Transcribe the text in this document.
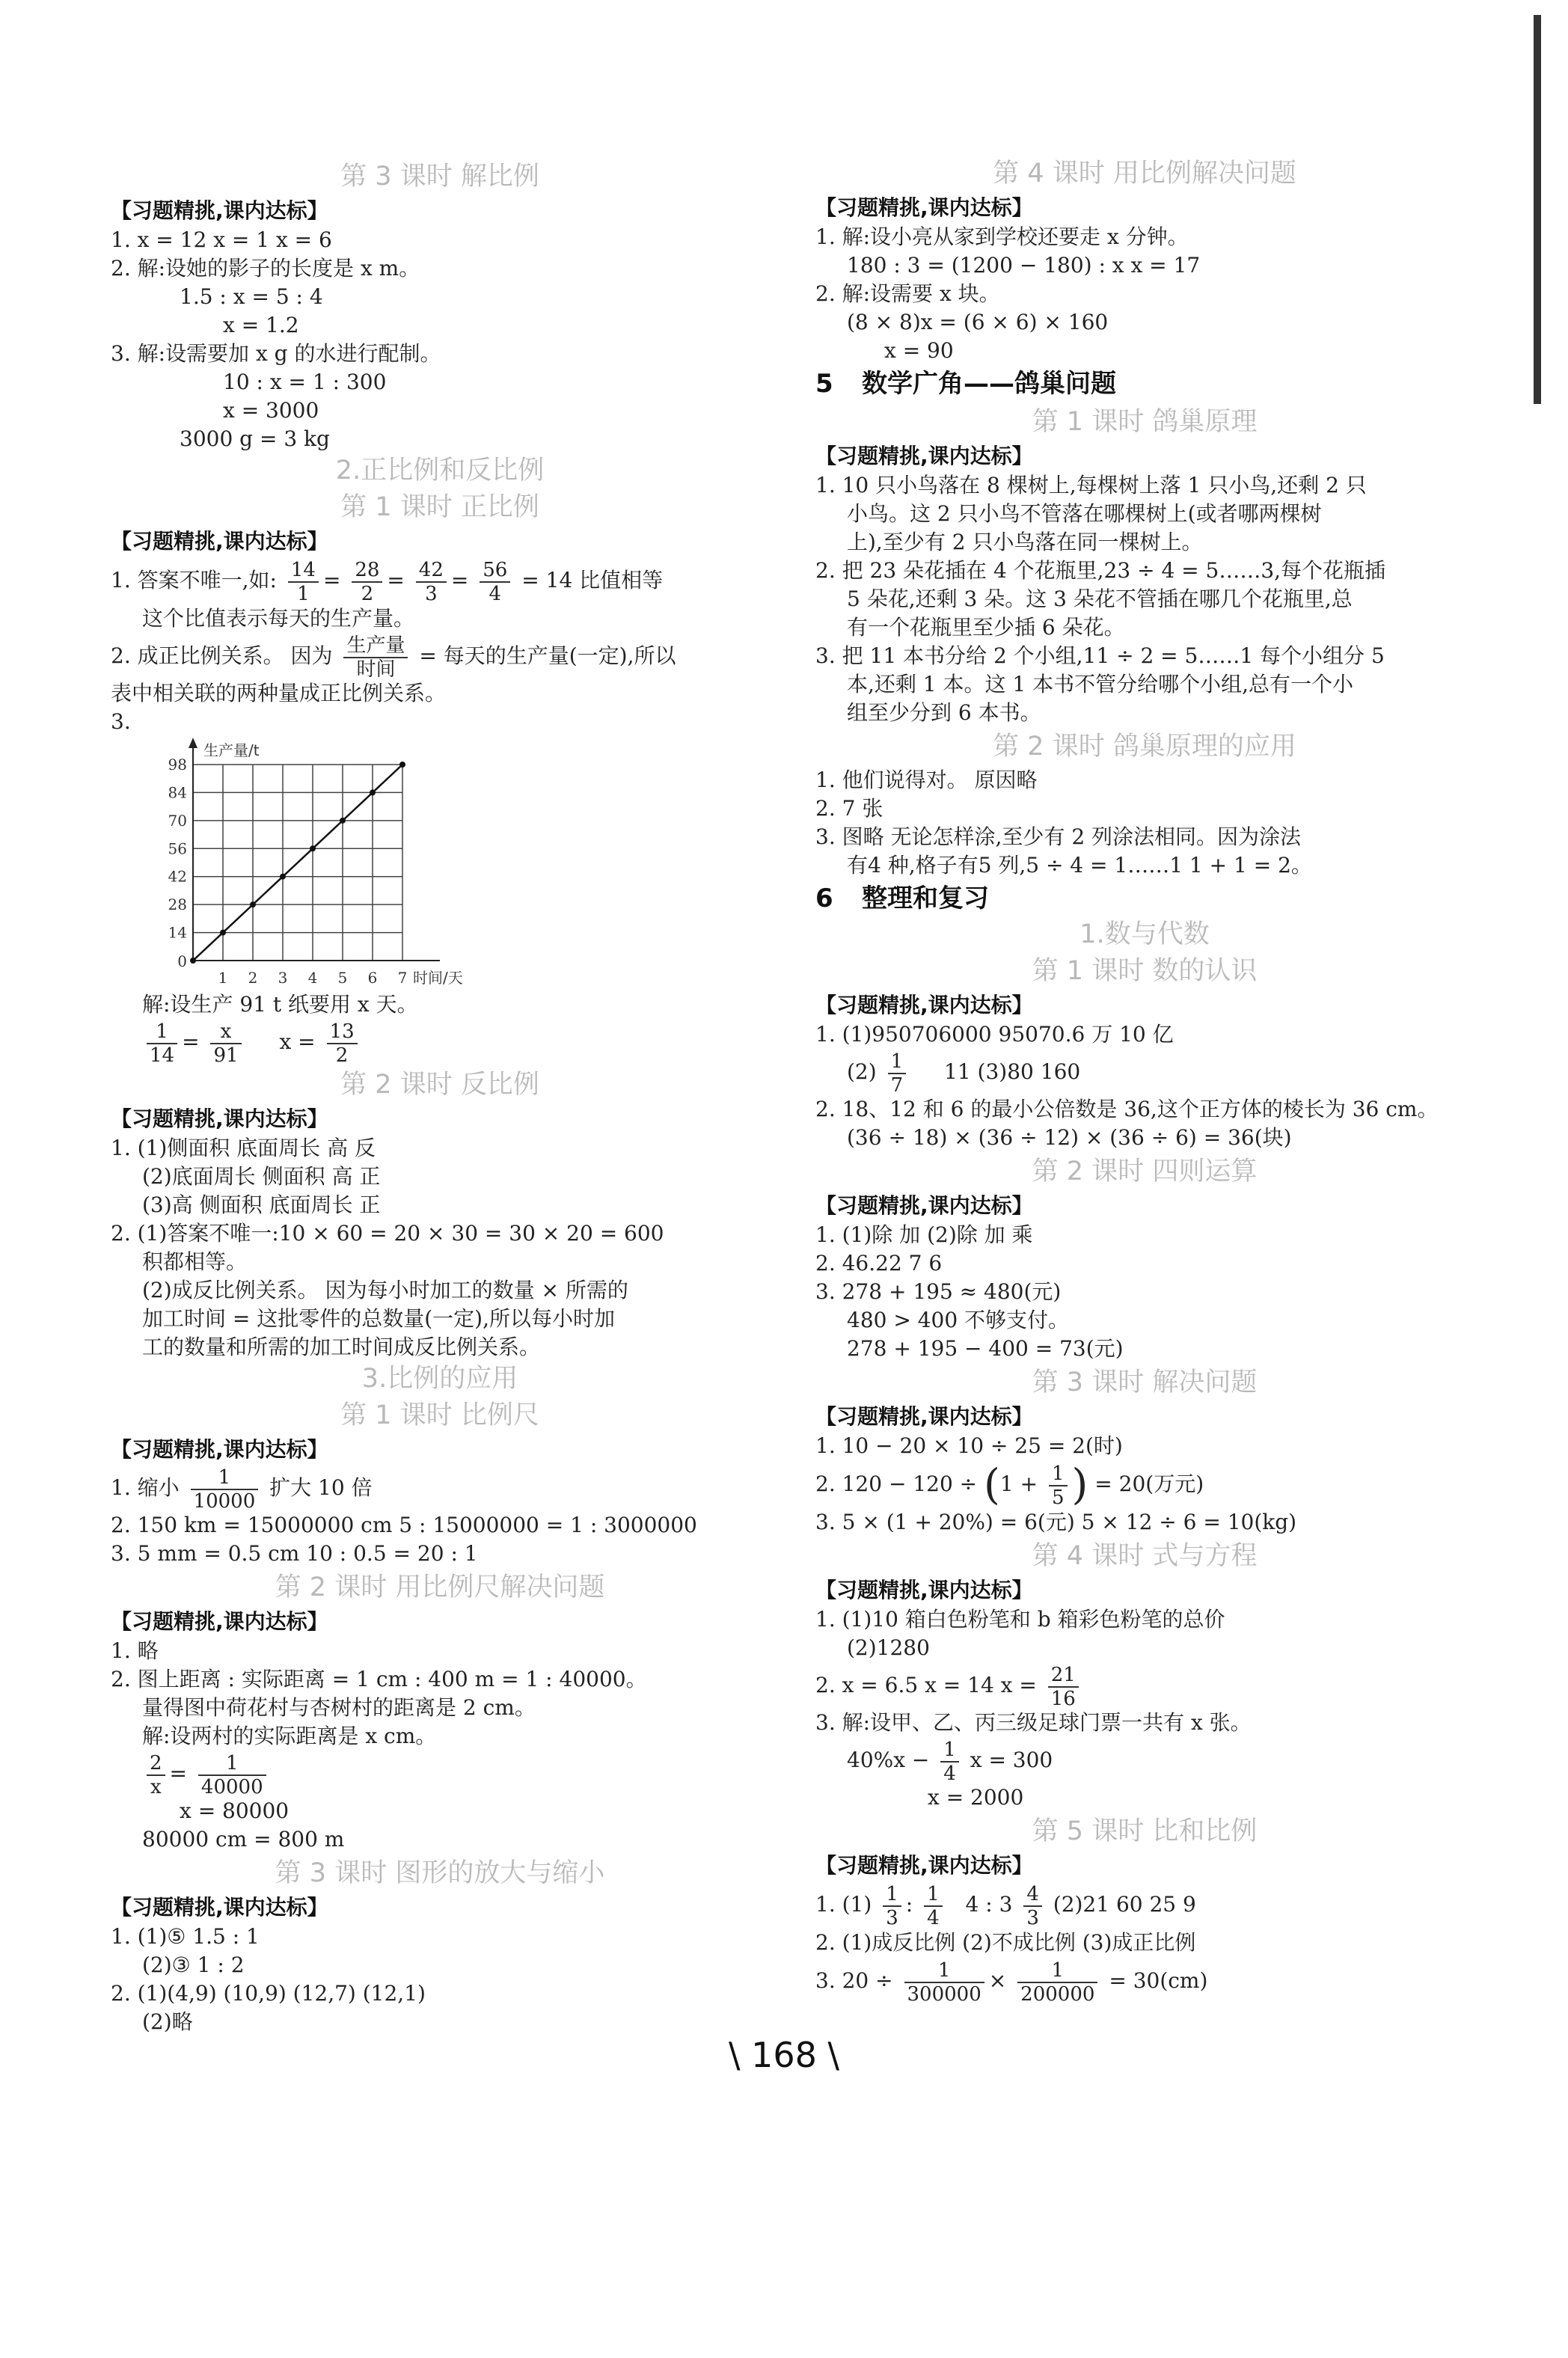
第 3 课时 解比例
【习题精挑,课内达标】
1. x = 12 x = 1 x = 6
2. 解:设她的影子的长度是 x m。
1.5 : x = 5 : 4
x = 1.2
3. 解:设需要加 x g 的水进行配制。
10 : x = 1 : 300
x = 3000
3000 g = 3 kg
2.正比例和反比例
第 1 课时 正比例
【习题精挑,课内达标】
1. 答案不唯一,如: $\frac{14}{1} = \frac{28}{2} = \frac{42}{3} = \frac{56}{4} = 14$ 比值相等
这个比值表示每天的生产量。
2. 成正比例关系。 因为 $\frac{\text{生产量}}{\text{时间}}$ = 每天的生产量(一定),所以
表中相关联的两种量成正比例关系。
3.
14
28
42
56
70
84
98
0
1 2 3 4 5 6 7
生产量/t
时间/天
解:设生产 91 t 纸要用 x 天。
$\frac{1}{14} = \frac{x}{91}$ $x = \frac{13}{2}$
第 2 课时 反比例
【习题精挑,课内达标】
1. (1)侧面积 底面周长 高 反
(2)底面周长 侧面积 高 正
(3)高 侧面积 底面周长 正
2. (1)答案不唯一:10 × 60 = 20 × 30 = 30 × 20 = 600
积都相等。
(2)成反比例关系。 因为每小时加工的数量 × 所需的
加工时间 = 这批零件的总数量(一定),所以每小时加
工的数量和所需的加工时间成反比例关系。
3.比例的应用
第 1 课时 比例尺
【习题精挑,课内达标】
1. 缩小 $\frac{1}{10000}$ 扩大 10 倍
2. 150 km = 15000000 cm 5 : 15000000 = 1 : 3000000
3. 5 mm = 0.5 cm 10 : 0.5 = 20 : 1
第 2 课时 用比例尺解决问题
【习题精挑,课内达标】
1. 略
2. 图上距离 : 实际距离 = 1 cm : 400 m = 1 : 40000。
量得图中荷花村与杏树村的距离是 2 cm。
解:设两村的实际距离是 x cm。
$\frac{2}{x} = \frac{1}{40000}$
x = 80000
80000 cm = 800 m
第 3 课时 图形的放大与缩小
【习题精挑,课内达标】
1. (1)⑤ 1.5 : 1
(2)③ 1 : 2
2. (1)(4,9) (10,9) (12,7) (12,1)
(2)略
第 4 课时 用比例解决问题
【习题精挑,课内达标】
1. 解:设小亮从家到学校还要走 x 分钟。
180 : 3 = (1200 − 180) : x x = 17
2. 解:设需要 x 块。
(8 × 8)x = (6 × 6) × 160
x = 90
5 数学广角——鸽巢问题
第 1 课时 鸽巢原理
【习题精挑,课内达标】
1. 10 只小鸟落在 8 棵树上,每棵树上落 1 只小鸟,还剩 2 只
小鸟。这 2 只小鸟不管落在哪棵树上(或者哪两棵树
上),至少有 2 只小鸟落在同一棵树上。
2. 把 23 朵花插在 4 个花瓶里,23 ÷ 4 = 5……3,每个花瓶插
5 朵花,还剩 3 朵。这 3 朵花不管插在哪几个花瓶里,总
有一个花瓶里至少插 6 朵花。
3. 把 11 本书分给 2 个小组,11 ÷ 2 = 5……1 每个小组分 5
本,还剩 1 本。这 1 本书不管分给哪个小组,总有一个小
组至少分到 6 本书。
第 2 课时 鸽巢原理的应用
1. 他们说得对。 原因略
2. 7 张
3. 图略 无论怎样涂,至少有 2 列涂法相同。因为涂法
有4 种,格子有5 列,5 ÷ 4 = 1……1 1 + 1 = 2。
6 整理和复习
1.数与代数
第 1 课时 数的认识
【习题精挑,课内达标】
1. (1)950706000 95070.6 万 10 亿
$(2) \frac{1}{7} 11$ (3)80 160
2. 18、12 和 6 的最小公倍数是 36,这个正方体的棱长为 36 cm。
(36 ÷ 18) × (36 ÷ 12) × (36 ÷ 6) = 36(块)
第 2 课时 四则运算
【习题精挑,课内达标】
1. (1)除 加 (2)除 加 乘
2. 46.22 7 6
3. 278 + 195 ≈ 480(元)
480 > 400 不够支付。
278 + 195 − 400 = 73(元)
第 3 课时 解决问题
【习题精挑,课内达标】
1. 10 − 20 × 10 ÷ 25 = 2(时)
2. $120 - 120 \div (1 + \frac{1}{5}$ ) = 20(万元)
3. 5 × (1 + 20%) = 6(元) 5 × 12 ÷ 6 = 10(kg)
第 4 课时 式与方程
【习题精挑,课内达标】
1. (1)10 箱白色粉笔和 b 箱彩色粉笔的总价
(2)1280
2. x = 6.5 x = 14 $x = \frac{21}{16}$
3. 解:设甲、乙、丙三级足球门票一共有 x 张。
$40\%x - \frac{1}{4}$ x = 300
x = 2000
第 5 课时 比和比例
【习题精挑,课内达标】
1. $(1) \frac{1}{3}$ : $\frac{1}{4} 4$ : $3 \frac{4}{3} (2)21$ 60 25 9
2. (1)成反比例 (2)不成比例 (3)成正比例
3. $20 \div \frac{1}{300000} \times \frac{1}{200000} = 30(cm)$
\ 168 \
